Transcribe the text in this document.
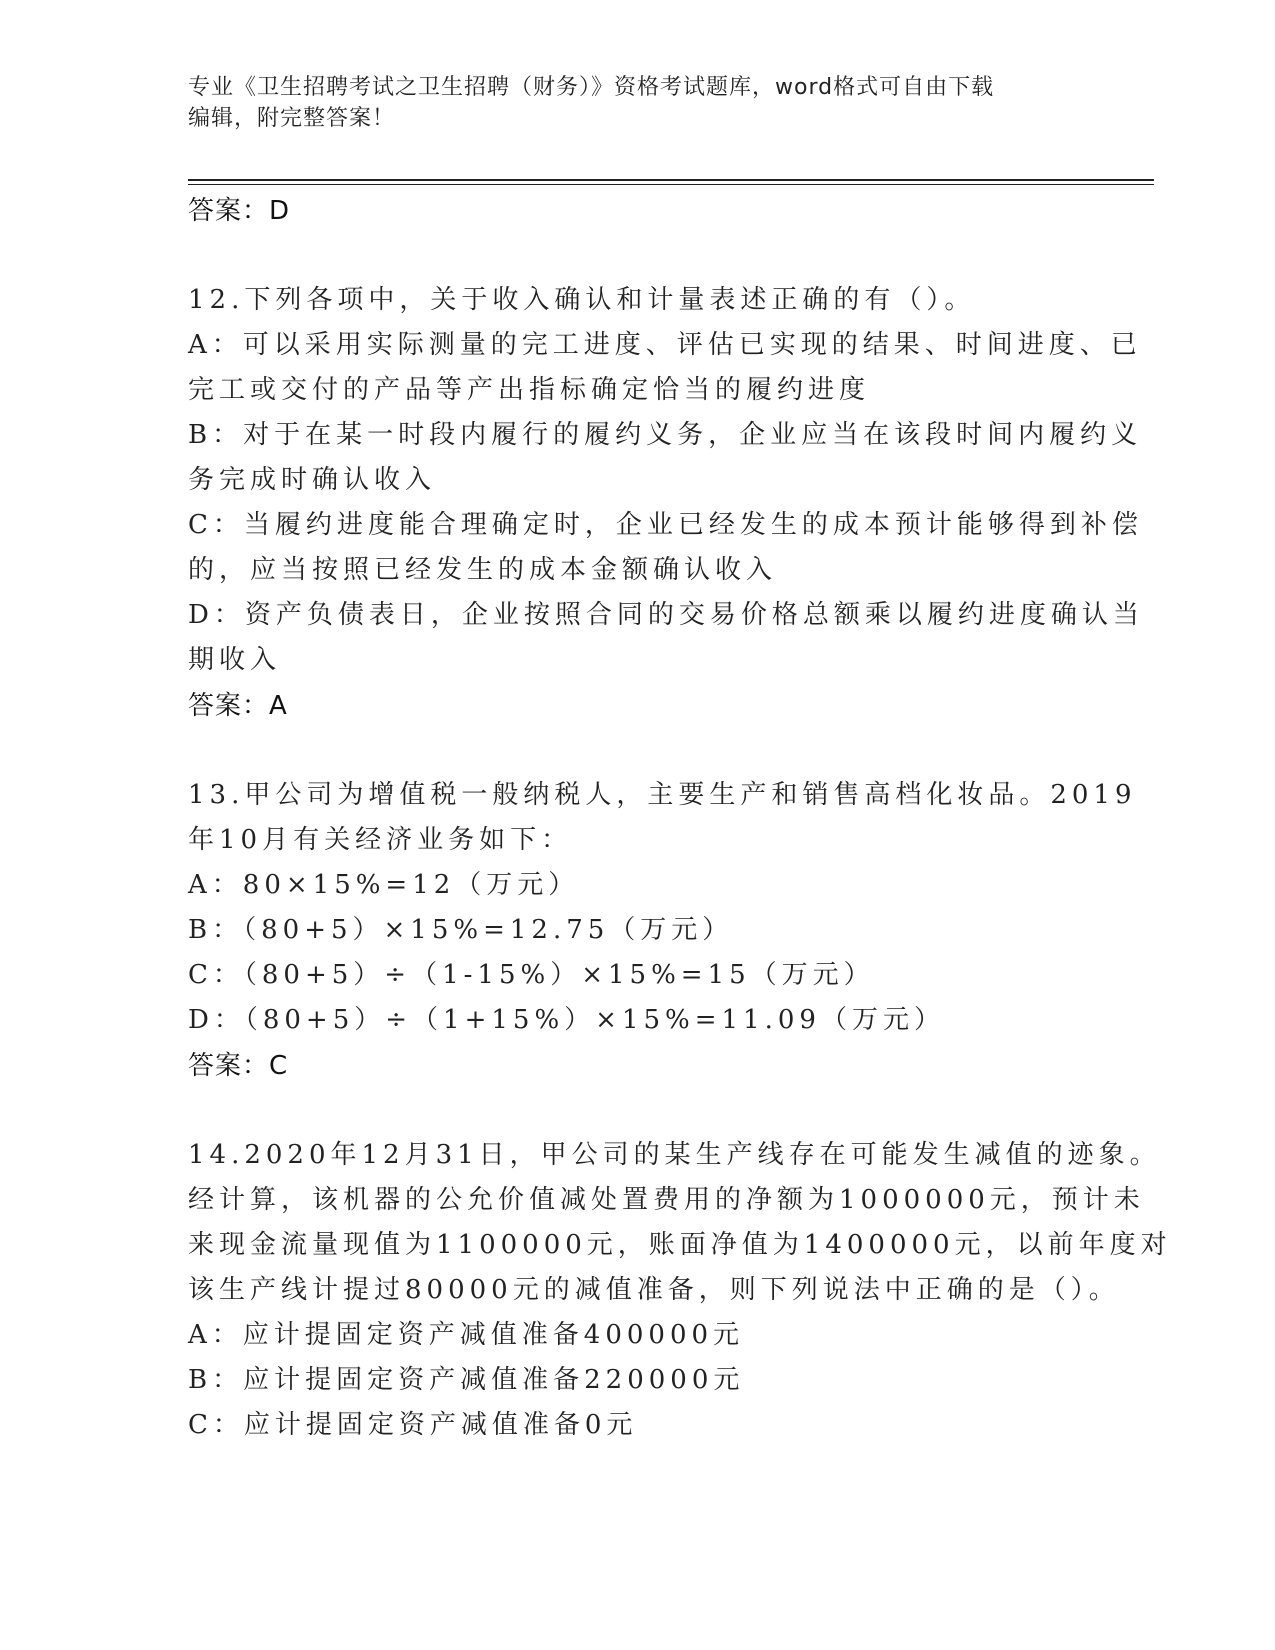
专业《卫生招聘考试之卫生招聘（财务）》资格考试题库，word格式可自由下载
编辑，附完整答案！
答案：D
12.下列各项中，关于收入确认和计量表述正确的有（）。
A：可以采用实际测量的完工进度、评估已实现的结果、时间进度、已
完工或交付的产品等产出指标确定恰当的履约进度
B：对于在某一时段内履行的履约义务，企业应当在该段时间内履约义
务完成时确认收入
C：当履约进度能合理确定时，企业已经发生的成本预计能够得到补偿
的，应当按照已经发生的成本金额确认收入
D：资产负债表日，企业按照合同的交易价格总额乘以履约进度确认当
期收入
答案：A
13.甲公司为增值税一般纳税人，主要生产和销售高档化妆品。2019
年10月有关经济业务如下：
A：80×15%=12（万元）
B：（80+5）×15%=12.75（万元）
C：（80+5）÷（1-15%）×15%=15（万元）
D：（80+5）÷（1+15%）×15%=11.09（万元）
答案：C
14.2020年12月31日，甲公司的某生产线存在可能发生减值的迹象。
经计算，该机器的公允价值减处置费用的净额为1000000元，预计未
来现金流量现值为1100000元，账面净值为1400000元，以前年度对
该生产线计提过80000元的减值准备，则下列说法中正确的是（）。
A：应计提固定资产减值准备400000元
B：应计提固定资产减值准备220000元
C：应计提固定资产减值准备0元
